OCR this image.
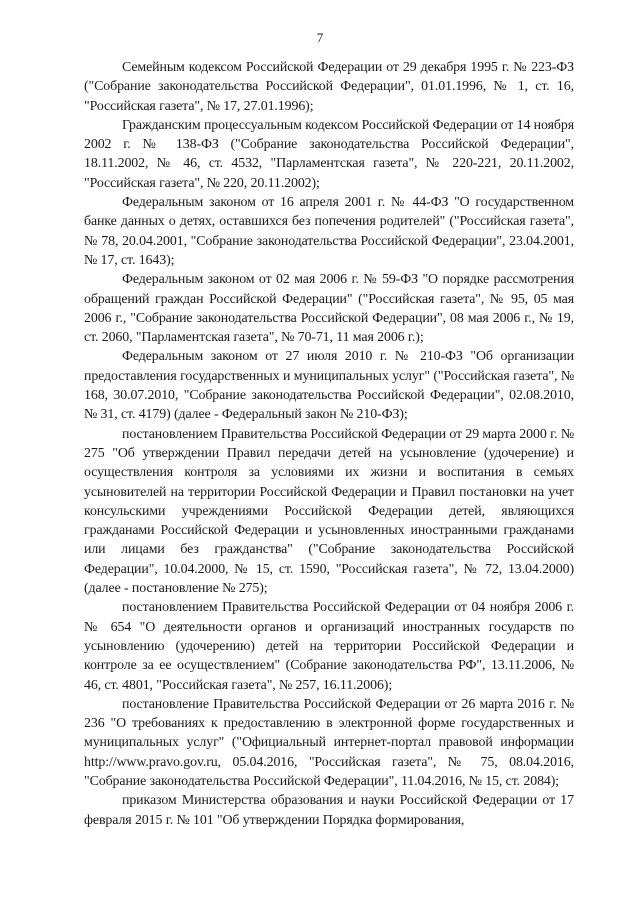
7

Семейным кодексом Российской Федерации от 29 декабря 1995 г. № 223-ФЗ ("Собрание законодательства Российской Федерации", 01.01.1996, № 1, ст. 16, "Российская газета", № 17, 27.01.1996);

Гражданским процессуальным кодексом Российской Федерации от 14 ноября 2002 г. № 138-ФЗ ("Собрание законодательства Российской Федерации", 18.11.2002, № 46, ст. 4532, "Парламентская газета", № 220-221, 20.11.2002, "Российская газета", № 220, 20.11.2002);

Федеральным законом от 16 апреля 2001 г. № 44-ФЗ "О государственном банке данных о детях, оставшихся без попечения родителей" ("Российская газета", № 78, 20.04.2001, "Собрание законодательства Российской Федерации", 23.04.2001, № 17, ст. 1643);

Федеральным законом от 02 мая 2006 г. № 59-ФЗ "О порядке рассмотрения обращений граждан Российской Федерации" ("Российская газета", № 95, 05 мая 2006 г., "Собрание законодательства Российской Федерации", 08 мая 2006 г., № 19, ст. 2060, "Парламентская газета", № 70-71, 11 мая 2006 г.);

Федеральным законом от 27 июля 2010 г. № 210-ФЗ "Об организации предоставления государственных и муниципальных услуг" ("Российская газета", № 168, 30.07.2010, "Собрание законодательства Российской Федерации", 02.08.2010, № 31, ст. 4179) (далее - Федеральный закон № 210-ФЗ);

постановлением Правительства Российской Федерации от 29 марта 2000 г. № 275 "Об утверждении Правил передачи детей на усыновление (удочерение) и осуществления контроля за условиями их жизни и воспитания в семьях усыновителей на территории Российской Федерации и Правил постановки на учет консульскими учреждениями Российской Федерации детей, являющихся гражданами Российской Федерации и усыновленных иностранными гражданами или лицами без гражданства" ("Собрание законодательства Российской Федерации", 10.04.2000, № 15, ст. 1590, "Российская газета", № 72, 13.04.2000) (далее - постановление № 275);

постановлением Правительства Российской Федерации от 04 ноября 2006 г. № 654 "О деятельности органов и организаций иностранных государств по усыновлению (удочерению) детей на территории Российской Федерации и контроле за ее осуществлением" (Собрание законодательства РФ", 13.11.2006, № 46, ст. 4801, "Российская газета", № 257, 16.11.2006);

постановление Правительства Российской Федерации от 26 марта 2016 г. № 236 "О требованиях к предоставлению в электронной форме государственных и муниципальных услуг" ("Официальный интернет-портал правовой информации http://www.pravo.gov.ru, 05.04.2016, "Российская газета", № 75, 08.04.2016, "Собрание законодательства Российской Федерации", 11.04.2016, № 15, ст. 2084);

приказом Министерства образования и науки Российской Федерации от 17 февраля 2015 г. № 101 "Об утверждении Порядка формирования,
